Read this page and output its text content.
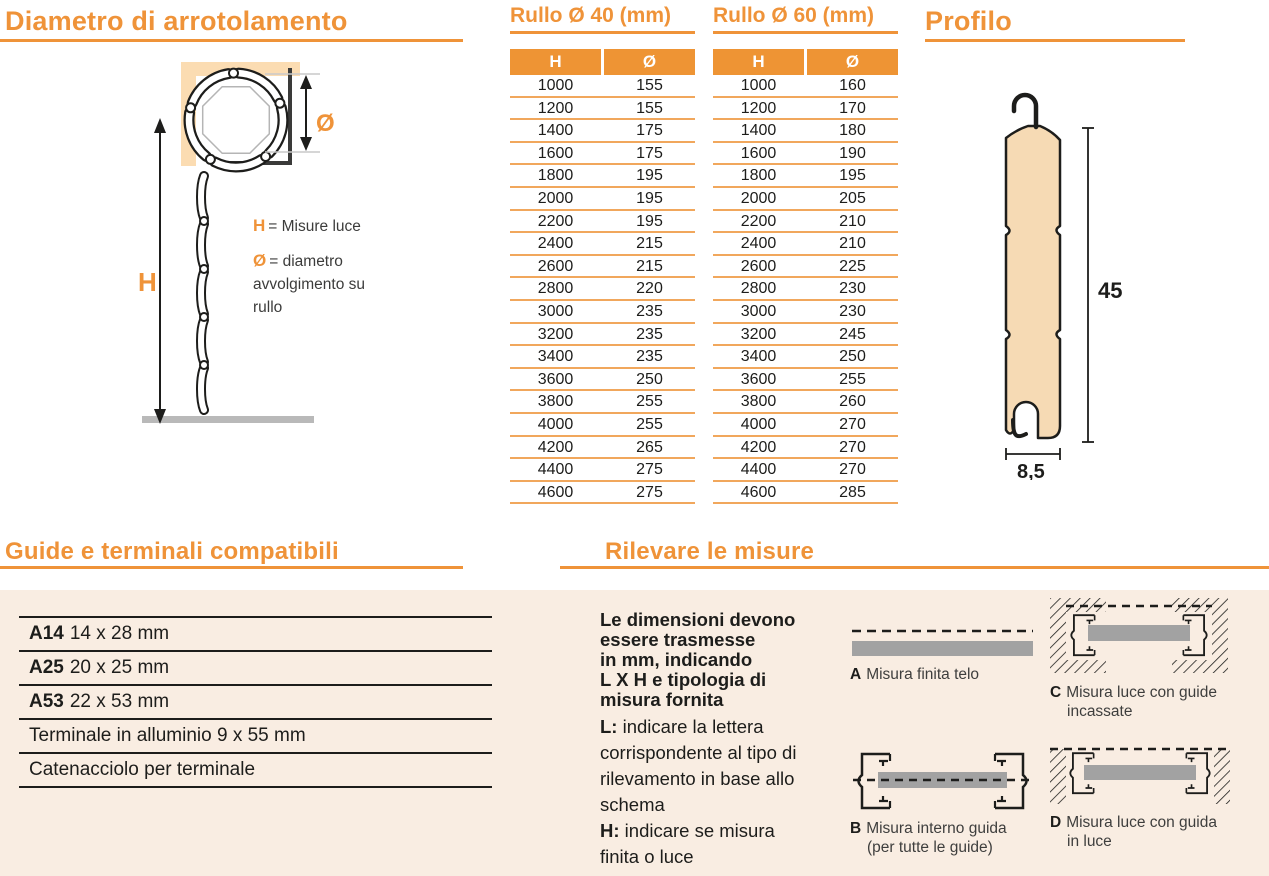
Diametro di arrotolamento
H
Ø
H = Misure luce
Ø = diametro avvolgimento su rullo
Rullo Ø 40 (mm)
H	Ø
1000	155
1200	155
1400	175
1600	175
1800	195
2000	195
2200	195
2400	215
2600	215
2800	220
3000	235
3200	235
3400	235
3600	250
3800	255
4000	255
4200	265
4400	275
4600	275
Rullo Ø 60 (mm)
H	Ø
1000	160
1200	170
1400	180
1600	190
1800	195
2000	205
2200	210
2400	210
2600	225
2800	230
3000	230
3200	245
3400	250
3600	255
3800	260
4000	270
4200	270
4400	270
4600	285
Profilo
45
8,5
Guide e terminali compatibili	Rilevare le misure
A14 14 x 28 mm
A25 20 x 25 mm
A53 22 x 53 mm
Terminale in alluminio 9 x 55 mm
Catenacciolo per terminale
Le dimensioni devono
essere trasmesse
in mm, indicando
L X H e tipologia di
misura fornita
L: indicare la lettera
corrispondente al tipo di
rilevamento in base allo
schema
H: indicare se misura
finita o luce
A Misura finita telo
B Misura interno guida
(per tutte le guide)
C Misura luce con guide
incassate
D Misura luce con guida
in luce
